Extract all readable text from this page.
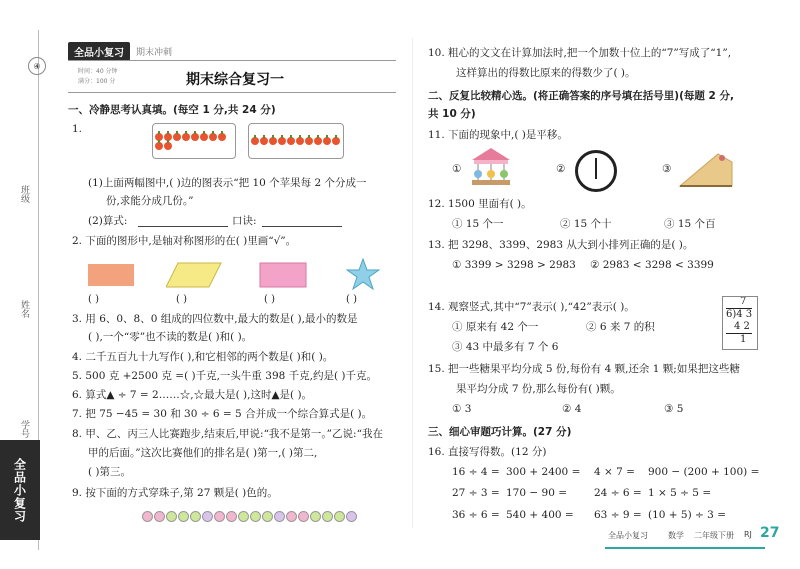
④
班级
姓名
学号
全品小复习
全品小复习	期末冲刺
时间：40 分钟
满分：100 分	期末综合复习一
一、冷静思考认真填。(每空 1 分,共 24 分)
1.
(1)上面两幅图中,( )边的图表示“把 10 个苹果每 2 个分成一
份,求能分成几份。”
(2)算式:	口诀:
2. 下面的图形中,是轴对称图形的在( )里画“√”。
( )	( )	( )	( )
3. 用 6、0、8、0 组成的四位数中,最大的数是( ),最小的数是
( ),一个“零”也不读的数是( )和( )。
4. 二千五百九十九写作( ),和它相邻的两个数是( )和( )。
5. 500 克 +2500 克 =( )千克,一头牛重 398 千克,约是( )千克。
6. 算式▲ ÷ 7 = 2……☆,☆最大是( ),这时▲是( )。
7. 把 75 −45 = 30 和 30 ÷ 6 = 5 合并成一个综合算式是( )。
8. 甲、乙、丙三人比赛跑步,结束后,甲说:“我不是第一。”乙说:“我在
甲的后面。”这次比赛他们的排名是( )第一,( )第二,
( )第三。
9. 按下面的方式穿珠子,第 27 颗是( )色的。
10. 粗心的文文在计算加法时,把一个加数十位上的“7”写成了“1”,
这样算出的得数比原来的得数少了( )。
二、反复比较精心选。(将正确答案的序号填在括号里)(每题 2 分,
共 10 分)
11. 下面的现象中,( )是平移。
①	②	③
12. 1500 里面有( )。
① 15 个一	② 15 个十	③ 15 个百
13. 把 3298、3399、2983 从大到小排列正确的是( )。
① 3399 > 3298 > 2983 ② 2983 < 3298 < 3399
14. 观察竖式,其中“7”表示( ),“42”表示( )。
① 原来有 42 个一	② 6 来 7 的积
③ 43 中最多有 7 个 6
7
6)4 3
4 2
1
15. 把一些糖果平均分成 5 份,每份有 4 颗,还余 1 颗;如果把这些糖
果平均分成 7 份,那么每份有( )颗。
① 3	② 4	③ 5
三、细心审题巧计算。(27 分)
16. 直接写得数。(12 分)
16 ÷ 4 = 300 + 2400 = 4 × 7 = 900 − (200 + 100) =
27 ÷ 3 = 170 − 90 =	24 ÷ 6 = 1 × 5 ÷ 5 =
36 ÷ 6 = 540 + 400 = 63 ÷ 9 = (10 + 5) ÷ 3 =
全品小复习	数学 二年级下册 RJ 27
